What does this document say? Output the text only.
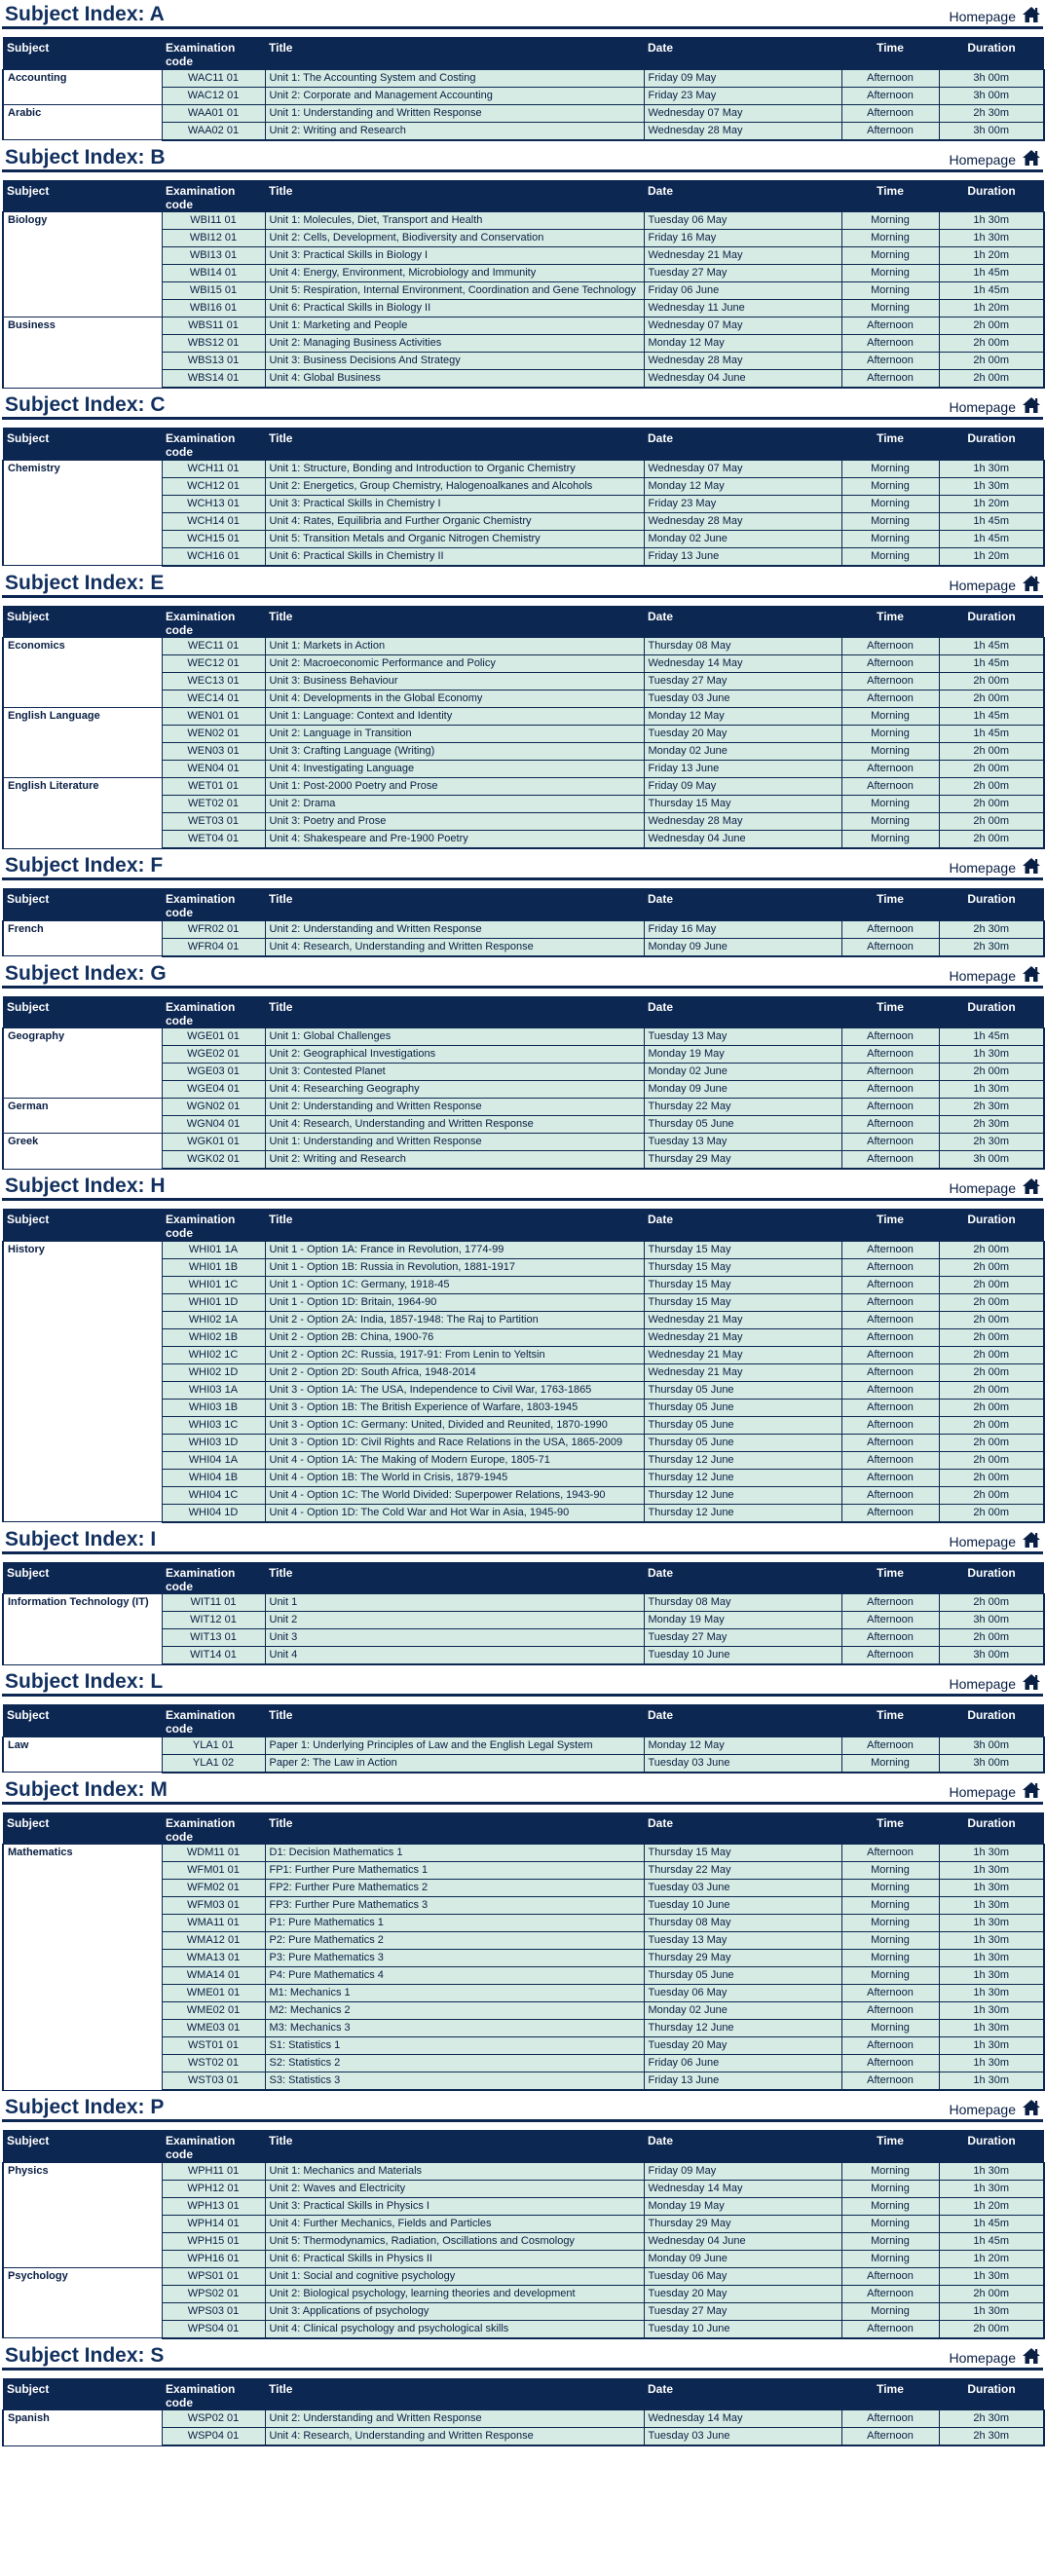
Subject Index: A	Homepage
Subject	Examination code	Title	Date	Time	Duration
Accounting	WAC11 01	Unit 1: The Accounting System and Costing	Friday 09 May	Afternoon	3h 00m
	WAC12 01	Unit 2: Corporate and Management Accounting	Friday 23 May	Afternoon	3h 00m
Arabic	WAA01 01	Unit 1: Understanding and Written Response	Wednesday 07 May	Afternoon	2h 30m
	WAA02 01	Unit 2: Writing and Research	Wednesday 28 May	Afternoon	3h 00m
Subject Index: B	Homepage
Subject	Examination code	Title	Date	Time	Duration
Biology	WBI11 01	Unit 1: Molecules, Diet, Transport and Health	Tuesday 06 May	Morning	1h 30m
	WBI12 01	Unit 2: Cells, Development, Biodiversity and Conservation	Friday 16 May	Morning	1h 30m
	WBI13 01	Unit 3: Practical Skills in Biology I	Wednesday 21 May	Morning	1h 20m
	WBI14 01	Unit 4: Energy, Environment, Microbiology and Immunity	Tuesday 27 May	Morning	1h 45m
	WBI15 01	Unit 5: Respiration, Internal Environment, Coordination and Gene Technology	Friday 06 June	Morning	1h 45m
	WBI16 01	Unit 6: Practical Skills in Biology II	Wednesday 11 June	Morning	1h 20m
Business	WBS11 01	Unit 1: Marketing and People	Wednesday 07 May	Afternoon	2h 00m
	WBS12 01	Unit 2: Managing Business Activities	Monday 12 May	Afternoon	2h 00m
	WBS13 01	Unit 3: Business Decisions And Strategy	Wednesday 28 May	Afternoon	2h 00m
	WBS14 01	Unit 4: Global Business	Wednesday 04 June	Afternoon	2h 00m
Subject Index: C	Homepage
Subject	Examination code	Title	Date	Time	Duration
Chemistry	WCH11 01	Unit 1: Structure, Bonding and Introduction to Organic Chemistry	Wednesday 07 May	Morning	1h 30m
	WCH12 01	Unit 2: Energetics, Group Chemistry, Halogenoalkanes and Alcohols	Monday 12 May	Morning	1h 30m
	WCH13 01	Unit 3: Practical Skills in Chemistry I	Friday 23 May	Morning	1h 20m
	WCH14 01	Unit 4: Rates, Equilibria and Further Organic Chemistry	Wednesday 28 May	Morning	1h 45m
	WCH15 01	Unit 5: Transition Metals and Organic Nitrogen Chemistry	Monday 02 June	Morning	1h 45m
	WCH16 01	Unit 6: Practical Skills in Chemistry II	Friday 13 June	Morning	1h 20m
Subject Index: E	Homepage
Subject	Examination code	Title	Date	Time	Duration
Economics	WEC11 01	Unit 1: Markets in Action	Thursday 08 May	Afternoon	1h 45m
	WEC12 01	Unit 2: Macroeconomic Performance and Policy	Wednesday 14 May	Afternoon	1h 45m
	WEC13 01	Unit 3: Business Behaviour	Tuesday 27 May	Afternoon	2h 00m
	WEC14 01	Unit 4: Developments in the Global Economy	Tuesday 03 June	Afternoon	2h 00m
English Language	WEN01 01	Unit 1: Language: Context and Identity	Monday 12 May	Morning	1h 45m
	WEN02 01	Unit 2: Language in Transition	Tuesday 20 May	Morning	1h 45m
	WEN03 01	Unit 3: Crafting Language (Writing)	Monday 02 June	Morning	2h 00m
	WEN04 01	Unit 4: Investigating Language	Friday 13 June	Afternoon	2h 00m
English Literature	WET01 01	Unit 1: Post-2000 Poetry and Prose	Friday 09 May	Afternoon	2h 00m
	WET02 01	Unit 2: Drama	Thursday 15 May	Morning	2h 00m
	WET03 01	Unit 3: Poetry and Prose	Wednesday 28 May	Morning	2h 00m
	WET04 01	Unit 4: Shakespeare and Pre-1900 Poetry	Wednesday 04 June	Morning	2h 00m
Subject Index: F	Homepage
Subject	Examination code	Title	Date	Time	Duration
French	WFR02 01	Unit 2: Understanding and Written Response	Friday 16 May	Afternoon	2h 30m
	WFR04 01	Unit 4: Research, Understanding and Written Response	Monday 09 June	Afternoon	2h 30m
Subject Index: G	Homepage
Subject	Examination code	Title	Date	Time	Duration
Geography	WGE01 01	Unit 1: Global Challenges	Tuesday 13 May	Afternoon	1h 45m
	WGE02 01	Unit 2: Geographical Investigations	Monday 19 May	Afternoon	1h 30m
	WGE03 01	Unit 3: Contested Planet	Monday 02 June	Afternoon	2h 00m
	WGE04 01	Unit 4: Researching Geography	Monday 09 June	Afternoon	1h 30m
German	WGN02 01	Unit 2: Understanding and Written Response	Thursday 22 May	Afternoon	2h 30m
	WGN04 01	Unit 4: Research, Understanding and Written Response	Thursday 05 June	Afternoon	2h 30m
Greek	WGK01 01	Unit 1: Understanding and Written Response	Tuesday 13 May	Afternoon	2h 30m
	WGK02 01	Unit 2: Writing and Research	Thursday 29 May	Afternoon	3h 00m
Subject Index: H	Homepage
Subject	Examination code	Title	Date	Time	Duration
History	WHI01 1A	Unit 1 - Option 1A: France in Revolution, 1774-99	Thursday 15 May	Afternoon	2h 00m
	WHI01 1B	Unit 1 - Option 1B: Russia in Revolution, 1881-1917	Thursday 15 May	Afternoon	2h 00m
	WHI01 1C	Unit 1 - Option 1C: Germany, 1918-45	Thursday 15 May	Afternoon	2h 00m
	WHI01 1D	Unit 1 - Option 1D: Britain, 1964-90	Thursday 15 May	Afternoon	2h 00m
	WHI02 1A	Unit 2 - Option 2A: India, 1857-1948: The Raj to Partition	Wednesday 21 May	Afternoon	2h 00m
	WHI02 1B	Unit 2 - Option 2B: China, 1900-76	Wednesday 21 May	Afternoon	2h 00m
	WHI02 1C	Unit 2 - Option 2C: Russia, 1917-91: From Lenin to Yeltsin	Wednesday 21 May	Afternoon	2h 00m
	WHI02 1D	Unit 2 - Option 2D: South Africa, 1948-2014	Wednesday 21 May	Afternoon	2h 00m
	WHI03 1A	Unit 3 - Option 1A: The USA, Independence to Civil War, 1763-1865	Thursday 05 June	Afternoon	2h 00m
	WHI03 1B	Unit 3 - Option 1B: The British Experience of Warfare, 1803-1945	Thursday 05 June	Afternoon	2h 00m
	WHI03 1C	Unit 3 - Option 1C: Germany: United, Divided and Reunited, 1870-1990	Thursday 05 June	Afternoon	2h 00m
	WHI03 1D	Unit 3 - Option 1D: Civil Rights and Race Relations in the USA, 1865-2009	Thursday 05 June	Afternoon	2h 00m
	WHI04 1A	Unit 4 - Option 1A: The Making of Modern Europe, 1805-71	Thursday 12 June	Afternoon	2h 00m
	WHI04 1B	Unit 4 - Option 1B: The World in Crisis, 1879-1945	Thursday 12 June	Afternoon	2h 00m
	WHI04 1C	Unit 4 - Option 1C: The World Divided: Superpower Relations, 1943-90	Thursday 12 June	Afternoon	2h 00m
	WHI04 1D	Unit 4 - Option 1D: The Cold War and Hot War in Asia, 1945-90	Thursday 12 June	Afternoon	2h 00m
Subject Index: I	Homepage
Subject	Examination code	Title	Date	Time	Duration
Information Technology (IT)	WIT11 01	Unit 1	Thursday 08 May	Afternoon	2h 00m
	WIT12 01	Unit 2	Monday 19 May	Afternoon	3h 00m
	WIT13 01	Unit 3	Tuesday 27 May	Afternoon	2h 00m
	WIT14 01	Unit 4	Tuesday 10 June	Afternoon	3h 00m
Subject Index: L	Homepage
Subject	Examination code	Title	Date	Time	Duration
Law	YLA1 01	Paper 1: Underlying Principles of Law and the English Legal System	Monday 12 May	Afternoon	3h 00m
	YLA1 02	Paper 2: The Law in Action	Tuesday 03 June	Morning	3h 00m
Subject Index: M	Homepage
Subject	Examination code	Title	Date	Time	Duration
Mathematics	WDM11 01	D1: Decision Mathematics 1	Thursday 15 May	Afternoon	1h 30m
	WFM01 01	FP1: Further Pure Mathematics 1	Thursday 22 May	Morning	1h 30m
	WFM02 01	FP2: Further Pure Mathematics 2	Tuesday 03 June	Morning	1h 30m
	WFM03 01	FP3: Further Pure Mathematics 3	Tuesday 10 June	Morning	1h 30m
	WMA11 01	P1: Pure Mathematics 1	Thursday 08 May	Morning	1h 30m
	WMA12 01	P2: Pure Mathematics 2	Tuesday 13 May	Morning	1h 30m
	WMA13 01	P3: Pure Mathematics 3	Thursday 29 May	Morning	1h 30m
	WMA14 01	P4: Pure Mathematics 4	Thursday 05 June	Morning	1h 30m
	WME01 01	M1: Mechanics 1	Tuesday 06 May	Afternoon	1h 30m
	WME02 01	M2: Mechanics 2	Monday 02 June	Afternoon	1h 30m
	WME03 01	M3: Mechanics 3	Thursday 12 June	Morning	1h 30m
	WST01 01	S1: Statistics 1	Tuesday 20 May	Afternoon	1h 30m
	WST02 01	S2: Statistics 2	Friday 06 June	Afternoon	1h 30m
	WST03 01	S3: Statistics 3	Friday 13 June	Afternoon	1h 30m
Subject Index: P	Homepage
Subject	Examination code	Title	Date	Time	Duration
Physics	WPH11 01	Unit 1: Mechanics and Materials	Friday 09 May	Morning	1h 30m
	WPH12 01	Unit 2: Waves and Electricity	Wednesday 14 May	Morning	1h 30m
	WPH13 01	Unit 3: Practical Skills in Physics I	Monday 19 May	Morning	1h 20m
	WPH14 01	Unit 4: Further Mechanics, Fields and Particles	Thursday 29 May	Morning	1h 45m
	WPH15 01	Unit 5: Thermodynamics, Radiation, Oscillations and Cosmology	Wednesday 04 June	Morning	1h 45m
	WPH16 01	Unit 6: Practical Skills in Physics II	Monday 09 June	Morning	1h 20m
Psychology	WPS01 01	Unit 1: Social and cognitive psychology	Tuesday 06 May	Afternoon	1h 30m
	WPS02 01	Unit 2: Biological psychology, learning theories and development	Tuesday 20 May	Afternoon	2h 00m
	WPS03 01	Unit 3: Applications of psychology	Tuesday 27 May	Morning	1h 30m
	WPS04 01	Unit 4: Clinical psychology and psychological skills	Tuesday 10 June	Afternoon	2h 00m
Subject Index: S	Homepage
Subject	Examination code	Title	Date	Time	Duration
Spanish	WSP02 01	Unit 2: Understanding and Written Response	Wednesday 14 May	Afternoon	2h 30m
	WSP04 01	Unit 4: Research, Understanding and Written Response	Tuesday 03 June	Afternoon	2h 30m
